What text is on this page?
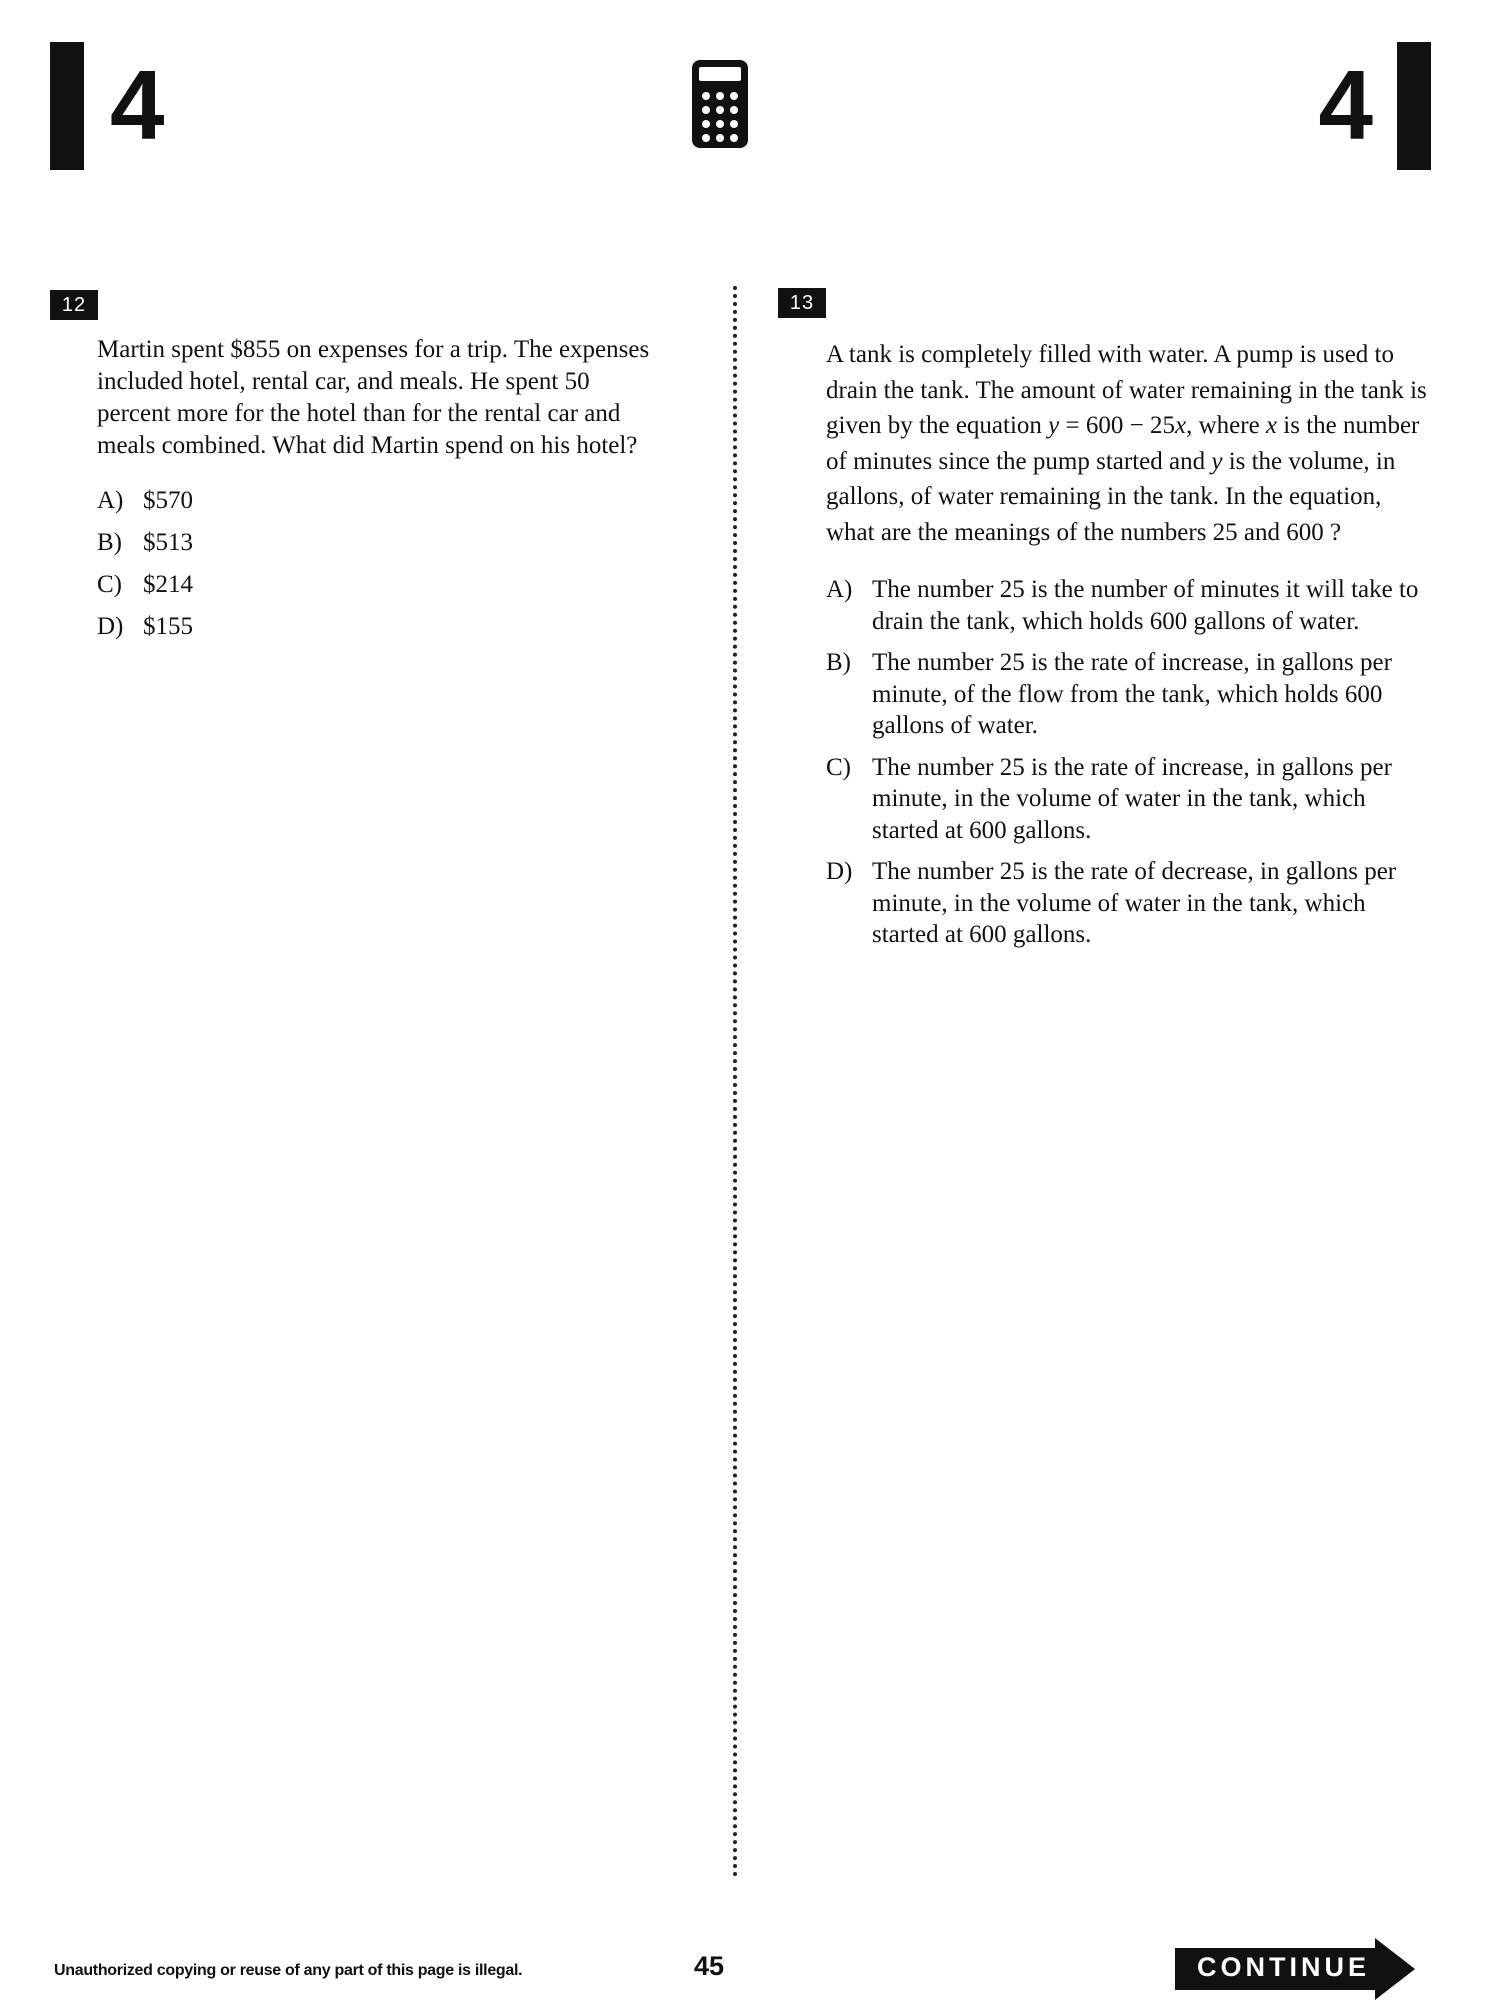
4	4
12

Martin spent $855 on expenses for a trip. The expenses included hotel, rental car, and meals. He spent 50 percent more for the hotel than for the rental car and meals combined. What did Martin spend on his hotel?

A) $570
B) $513
C) $214
D) $155
13

A tank is completely filled with water. A pump is used to drain the tank. The amount of water remaining in the tank is given by the equation y = 600 − 25x, where x is the number of minutes since the pump started and y is the volume, in gallons, of water remaining in the tank. In the equation, what are the meanings of the numbers 25 and 600 ?

A) The number 25 is the number of minutes it will take to drain the tank, which holds 600 gallons of water.
B) The number 25 is the rate of increase, in gallons per minute, of the flow from the tank, which holds 600 gallons of water.
C) The number 25 is the rate of increase, in gallons per minute, in the volume of water in the tank, which started at 600 gallons.
D) The number 25 is the rate of decrease, in gallons per minute, in the volume of water in the tank, which started at 600 gallons.
Unauthorized copying or reuse of any part of this page is illegal.	45	CONTINUE
